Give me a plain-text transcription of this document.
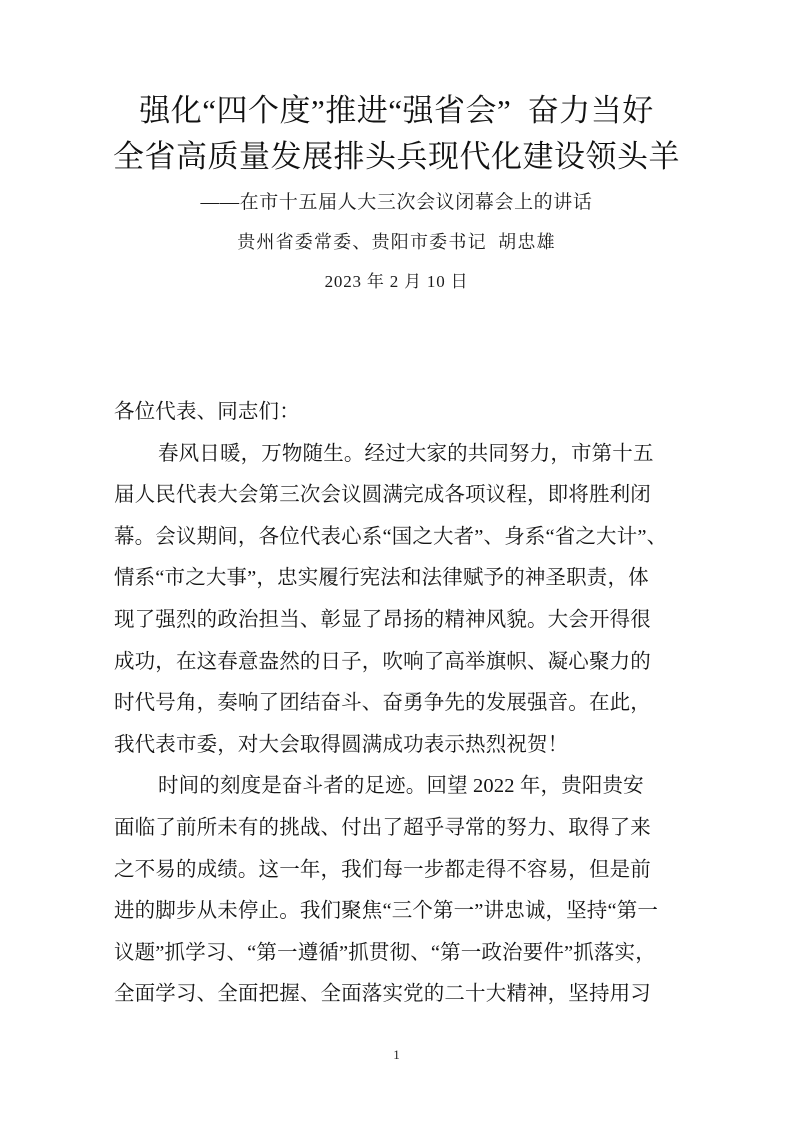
强化“四个度”推进“强省会”  奋力当好
全省高质量发展排头兵现代化建设领头羊
——在市十五届人大三次会议闭幕会上的讲话
贵州省委常委、贵阳市委书记  胡忠雄
2023 年 2 月 10 日
各位代表、同志们：
春风日暖，万物随生。经过大家的共同努力，市第十五
届人民代表大会第三次会议圆满完成各项议程，即将胜利闭
幕。会议期间，各位代表心系“国之大者”、身系“省之大计”、
情系“市之大事”，忠实履行宪法和法律赋予的神圣职责，体
现了强烈的政治担当、彰显了昂扬的精神风貌。大会开得很
成功，在这春意盎然的日子，吹响了高举旗帜、凝心聚力的
时代号角，奏响了团结奋斗、奋勇争先的发展强音。在此，
我代表市委，对大会取得圆满成功表示热烈祝贺！
时间的刻度是奋斗者的足迹。回望 2022 年，贵阳贵安
面临了前所未有的挑战、付出了超乎寻常的努力、取得了来
之不易的成绩。这一年，我们每一步都走得不容易，但是前
进的脚步从未停止。我们聚焦“三个第一”讲忠诚，坚持“第一
议题”抓学习、“第一遵循”抓贯彻、“第一政治要件”抓落实，
全面学习、全面把握、全面落实党的二十大精神，坚持用习
1
